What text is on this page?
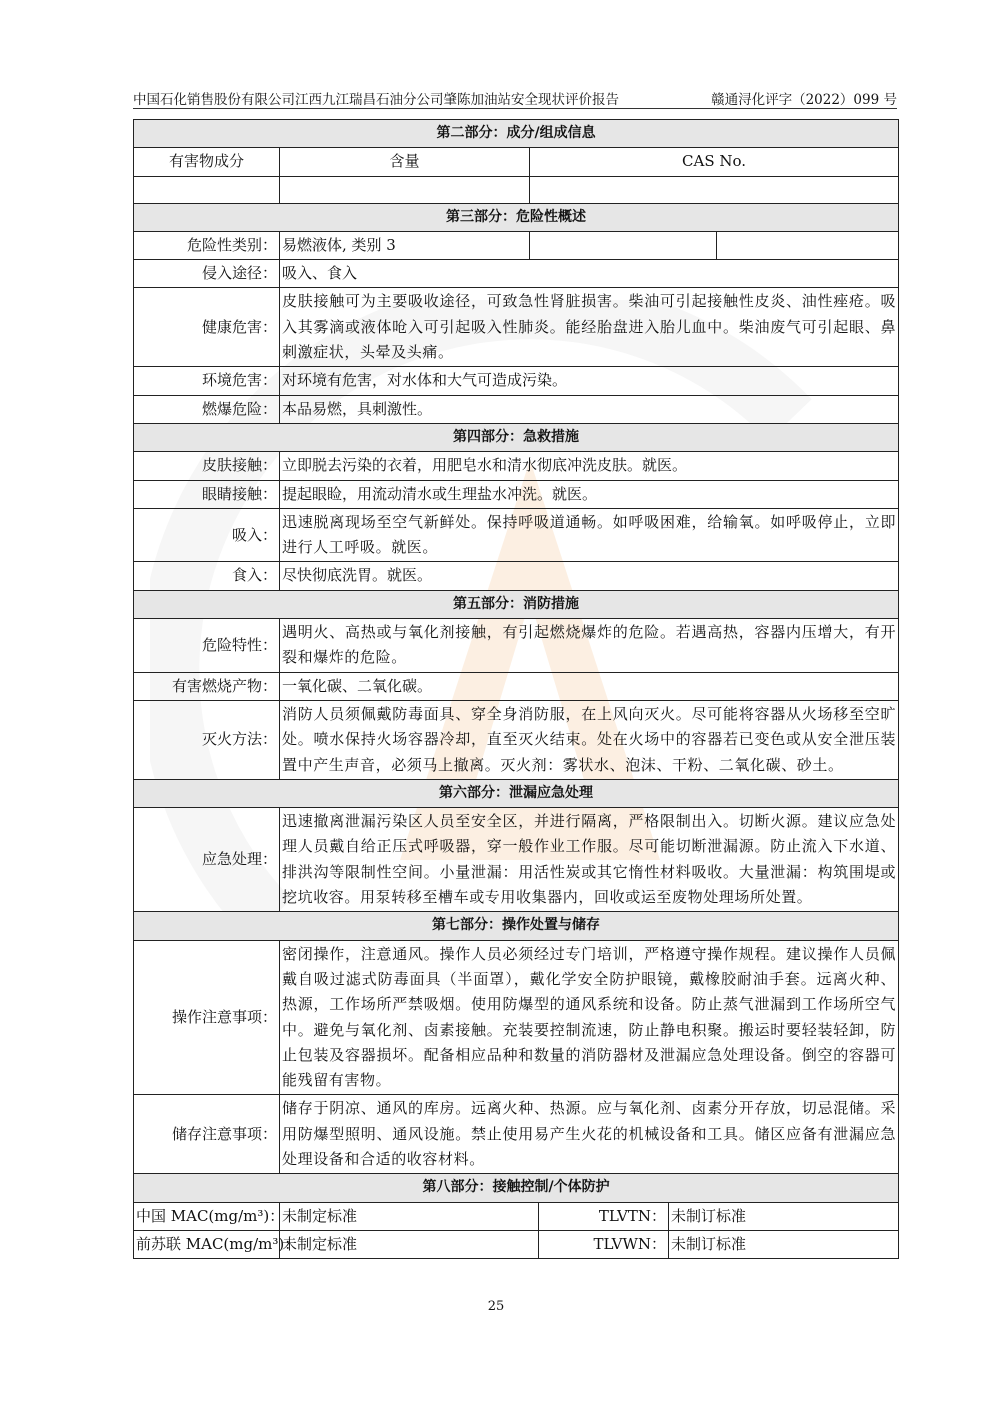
中国石化销售股份有限公司江西九江瑞昌石油分公司肇陈加油站安全现状评价报告	赣通浔化评字（2022）099 号
第二部分：成分/组成信息					
有害物成分	含量	CAS No.			

第三部分：危险性概述					
危险性类别：	易燃液体, 类别 3				
侵入途径：	吸入、食入				
健康危害：	皮肤接触可为主要吸收途径，可致急性肾脏损害。柴油可引起接触性皮炎、油性痤疮。吸入其雾滴或液体呛入可引起吸入性肺炎。能经胎盘进入胎儿血中。柴油废气可引起眼、鼻刺激症状，头晕及头痛。				
环境危害：	对环境有危害，对水体和大气可造成污染。				
燃爆危险：	本品易燃，具刺激性。				
第四部分：急救措施					
皮肤接触：	立即脱去污染的衣着，用肥皂水和清水彻底冲洗皮肤。就医。				
眼睛接触：	提起眼睑，用流动清水或生理盐水冲洗。就医。				
吸入：	迅速脱离现场至空气新鲜处。保持呼吸道通畅。如呼吸困难，给输氧。如呼吸停止，立即进行人工呼吸。就医。				
食入：	尽快彻底洗胃。就医。				
第五部分：消防措施					
危险特性：	遇明火、高热或与氧化剂接触，有引起燃烧爆炸的危险。若遇高热，容器内压增大，有开裂和爆炸的危险。				
有害燃烧产物：	一氧化碳、二氧化碳。				
灭火方法：	消防人员须佩戴防毒面具、穿全身消防服，在上风向灭火。尽可能将容器从火场移至空旷处。喷水保持火场容器冷却，直至灭火结束。处在火场中的容器若已变色或从安全泄压装置中产生声音，必须马上撤离。灭火剂：雾状水、泡沫、干粉、二氧化碳、砂土。				
第六部分：泄漏应急处理					
应急处理：	迅速撤离泄漏污染区人员至安全区，并进行隔离，严格限制出入。切断火源。建议应急处理人员戴自给正压式呼吸器，穿一般作业工作服。尽可能切断泄漏源。防止流入下水道、排洪沟等限制性空间。小量泄漏：用活性炭或其它惰性材料吸收。大量泄漏：构筑围堤或挖坑收容。用泵转移至槽车或专用收集器内，回收或运至废物处理场所处置。				
第七部分：操作处置与储存					
操作注意事项：	密闭操作，注意通风。操作人员必须经过专门培训，严格遵守操作规程。建议操作人员佩戴自吸过滤式防毒面具（半面罩），戴化学安全防护眼镜，戴橡胶耐油手套。远离火种、热源，工作场所严禁吸烟。使用防爆型的通风系统和设备。防止蒸气泄漏到工作场所空气中。避免与氧化剂、卤素接触。充装要控制流速，防止静电积聚。搬运时要轻装轻卸，防止包装及容器损坏。配备相应品种和数量的消防器材及泄漏应急处理设备。倒空的容器可能残留有害物。				
储存注意事项：	储存于阴凉、通风的库房。远离火种、热源。应与氧化剂、卤素分开存放，切忌混储。采用防爆型照明、通风设施。禁止使用易产生火花的机械设备和工具。储区应备有泄漏应急处理设备和合适的收容材料。				
第八部分：接触控制/个体防护					
中国 MAC(mg/m³)：	未制定标准		TLVTN：	未制订标准	
前苏联 MAC(mg/m³)：	未制定标准		TLVWN：	未制订标准	
25
